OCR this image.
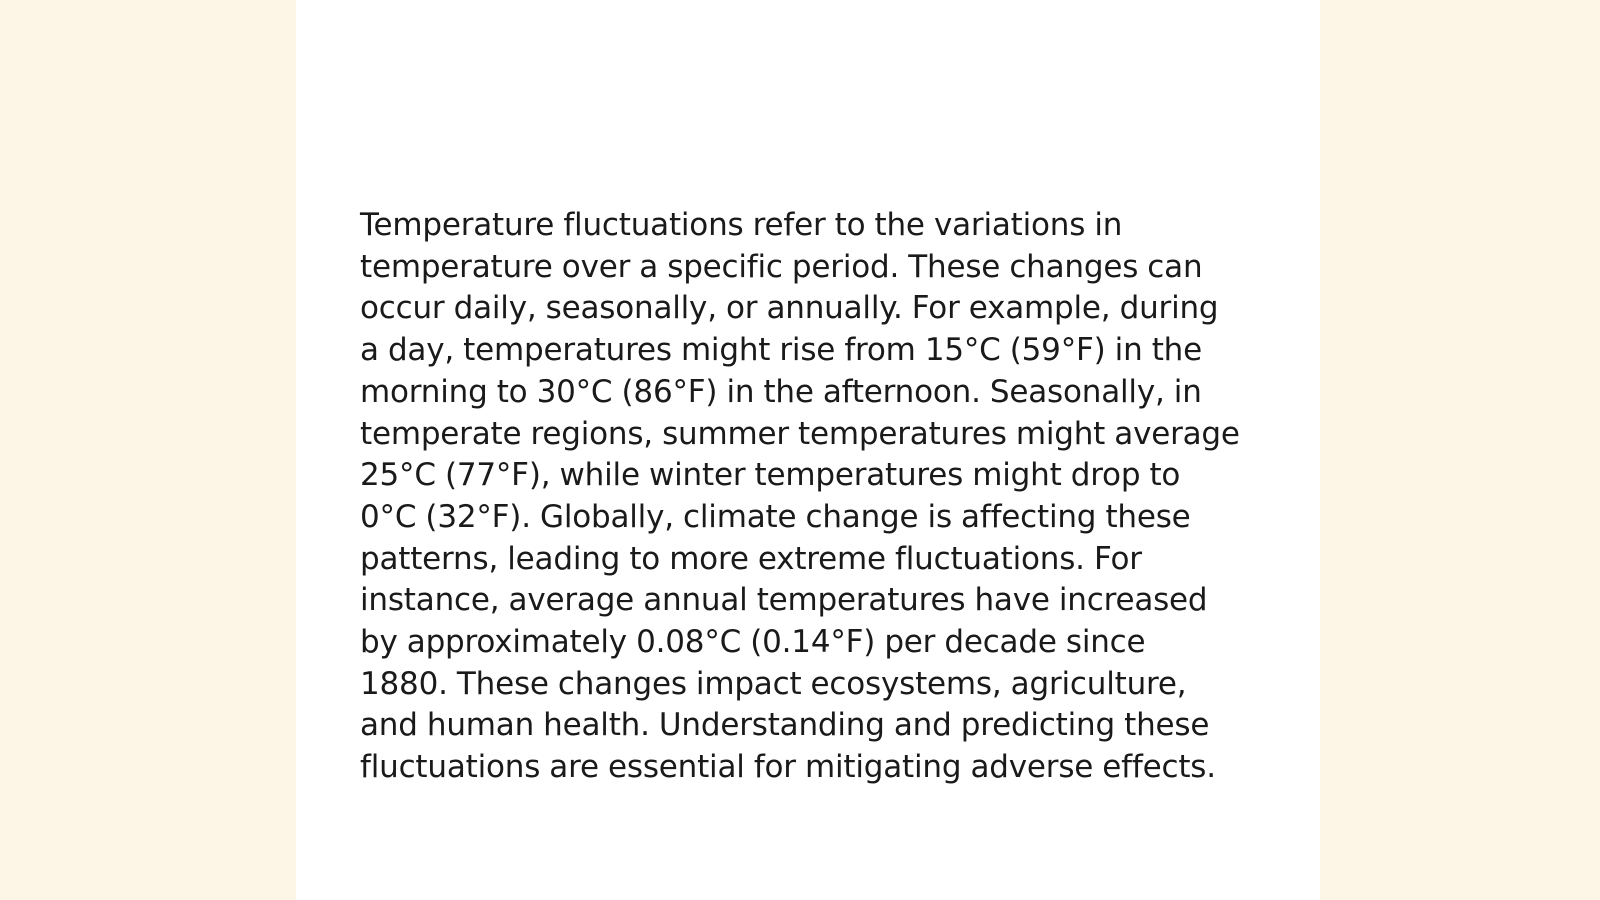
Temperature fluctuations refer to the variations in temperature over a specific period. These changes can occur daily, seasonally, or annually. For example, during a day, temperatures might rise from 15°C (59°F) in the morning to 30°C (86°F) in the afternoon. Seasonally, in temperate regions, summer temperatures might average 25°C (77°F), while winter temperatures might drop to 0°C (32°F). Globally, climate change is affecting these patterns, leading to more extreme fluctuations. For instance, average annual temperatures have increased by approximately 0.08°C (0.14°F) per decade since 1880. These changes impact ecosystems, agriculture, and human health. Understanding and predicting these fluctuations are essential for mitigating adverse effects.
